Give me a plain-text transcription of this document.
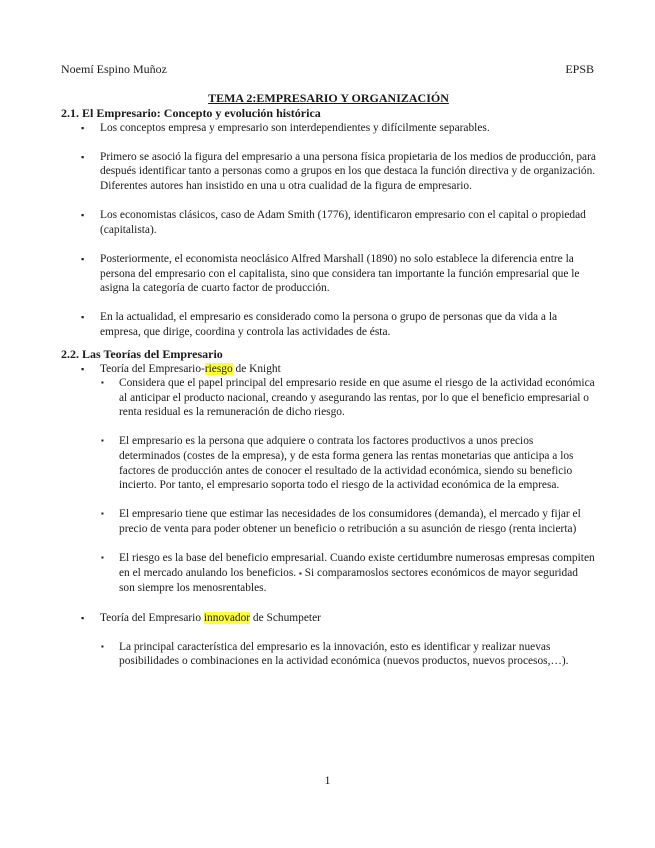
Noemí Espino Muñoz	EPSB
TEMA 2:EMPRESARIO Y ORGANIZACIÓN
2.1. El Empresario: Concepto y evolución histórica
▪ Los conceptos empresa y empresario son interdependientes y difícilmente separables.
▪ Primero se asoció la figura del empresario a una persona física propietaria de los medios de producción, para después identificar tanto a personas como a grupos en los que destaca la función directiva y de organización. Diferentes autores han insistido en una u otra cualidad de la figura de empresario.
▪ Los economistas clásicos, caso de Adam Smith (1776), identificaron empresario con el capital o propiedad (capitalista).
▪ Posteriormente, el economista neoclásico Alfred Marshall (1890) no solo establece la diferencia entre la persona del empresario con el capitalista, sino que considera tan importante la función empresarial que le asigna la categoría de cuarto factor de producción.
▪ En la actualidad, el empresario es considerado como la persona o grupo de personas que da vida a la empresa, que dirige, coordina y controla las actividades de ésta.
2.2. Las Teorías del Empresario
▪ Teoría del Empresario-riesgo de Knight
▪ Considera que el papel principal del empresario reside en que asume el riesgo de la actividad económica al anticipar el producto nacional, creando y asegurando las rentas, por lo que el beneficio empresarial o renta residual es la remuneración de dicho riesgo.
▪ El empresario es la persona que adquiere o contrata los factores productivos a unos precios determinados (costes de la empresa), y de esta forma genera las rentas monetarias que anticipa a los factores de producción antes de conocer el resultado de la actividad económica, siendo su beneficio incierto. Por tanto, el empresario soporta todo el riesgo de la actividad económica de la empresa.
▪ El empresario tiene que estimar las necesidades de los consumidores (demanda), el mercado y fijar el precio de venta para poder obtener un beneficio o retribución a su asunción de riesgo (renta incierta)
▪ El riesgo es la base del beneficio empresarial. Cuando existe certidumbre numerosas empresas compiten en el mercado anulando los beneficios. ▪ Si comparamoslos sectores económicos de mayor seguridad son siempre los menosrentables.
▪ Teoría del Empresario innovador de Schumpeter
▪ La principal característica del empresario es la innovación, esto es identificar y realizar nuevas posibilidades o combinaciones en la actividad económica (nuevos productos, nuevos procesos,…).
1
